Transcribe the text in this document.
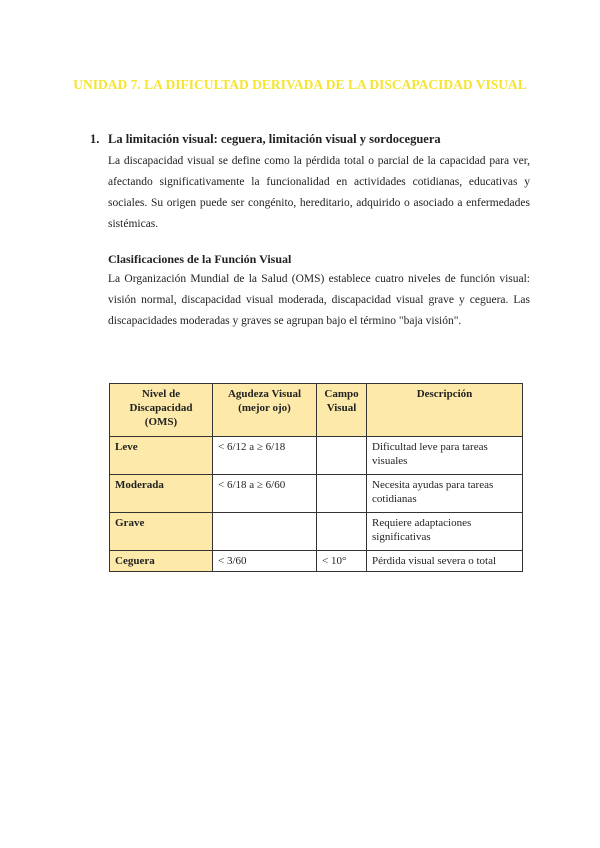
UNIDAD 7. LA DIFICULTAD DERIVADA DE LA DISCAPACIDAD VISUAL
1. La limitación visual: ceguera, limitación visual y sordoceguera

La discapacidad visual se define como la pérdida total o parcial de la capacidad para ver, afectando significativamente la funcionalidad en actividades cotidianas, educativas y sociales. Su origen puede ser congénito, hereditario, adquirido o asociado a enfermedades sistémicas.

Clasificaciones de la Función Visual

La Organización Mundial de la Salud (OMS) establece cuatro niveles de función visual: visión normal, discapacidad visual moderada, discapacidad visual grave y ceguera. Las discapacidades moderadas y graves se agrupan bajo el término "baja visión".

Nivel de Discapacidad (OMS)	Agudeza Visual (mejor ojo)	Campo Visual	Descripción
Leve	< 6/12 a ≥ 6/18		Dificultad leve para tareas visuales
Moderada	< 6/18 a ≥ 6/60		Necesita ayudas para tareas cotidianas
Grave			Requiere adaptaciones significativas
Ceguera	< 3/60	< 10°	Pérdida visual severa o total
